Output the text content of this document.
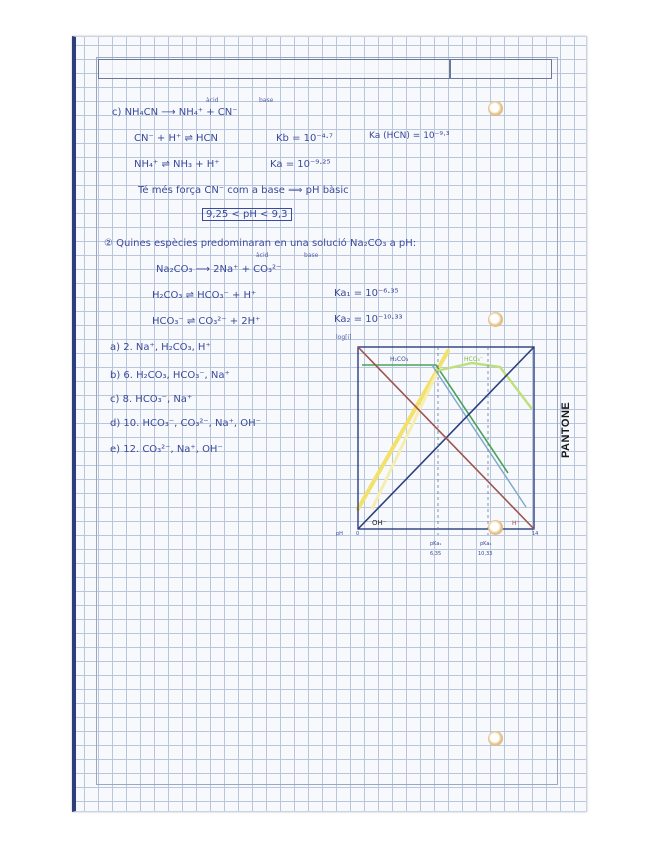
àcid	base
c) NH₄CN ⟶ NH₄⁺ + CN⁻
CN⁻ + H⁺ ⇌ HCN	Kb = 10⁻⁴·⁷	Ka (HCN) = 10⁻⁹·³
NH₄⁺ ⇌ NH₃ + H⁺	Ka = 10⁻⁹·²⁵
Té més força CN⁻ com a base ⟹ pH bàsic
9,25 < pH < 9,3
② Quines espècies predominaran en una solució Na₂CO₃ a pH:
àcid	base
Na₂CO₃ ⟶ 2Na⁺ + CO₃²⁻
H₂CO₃ ⇌ HCO₃⁻ + H⁺	Ka₁ = 10⁻⁶·³⁵
HCO₃⁻ ⇌ CO₃²⁻ + 2H⁺	Ka₂ = 10⁻¹⁰·³³
a) 2. Na⁺, H₂CO₃, H⁺
b) 6. H₂CO₃, HCO₃⁻, Na⁺
c) 8. HCO₃⁻, Na⁺
d) 10. HCO₃⁻, CO₃²⁻, Na⁺, OH⁻
e) 12. CO₃²⁻, Na⁺, OH⁻
log[i]
H₂CO₃	HCO₃⁻
OH⁻	H⁺
pH	0	14
pKa₁
6,35
pKa₂
10,33
PANTONE
